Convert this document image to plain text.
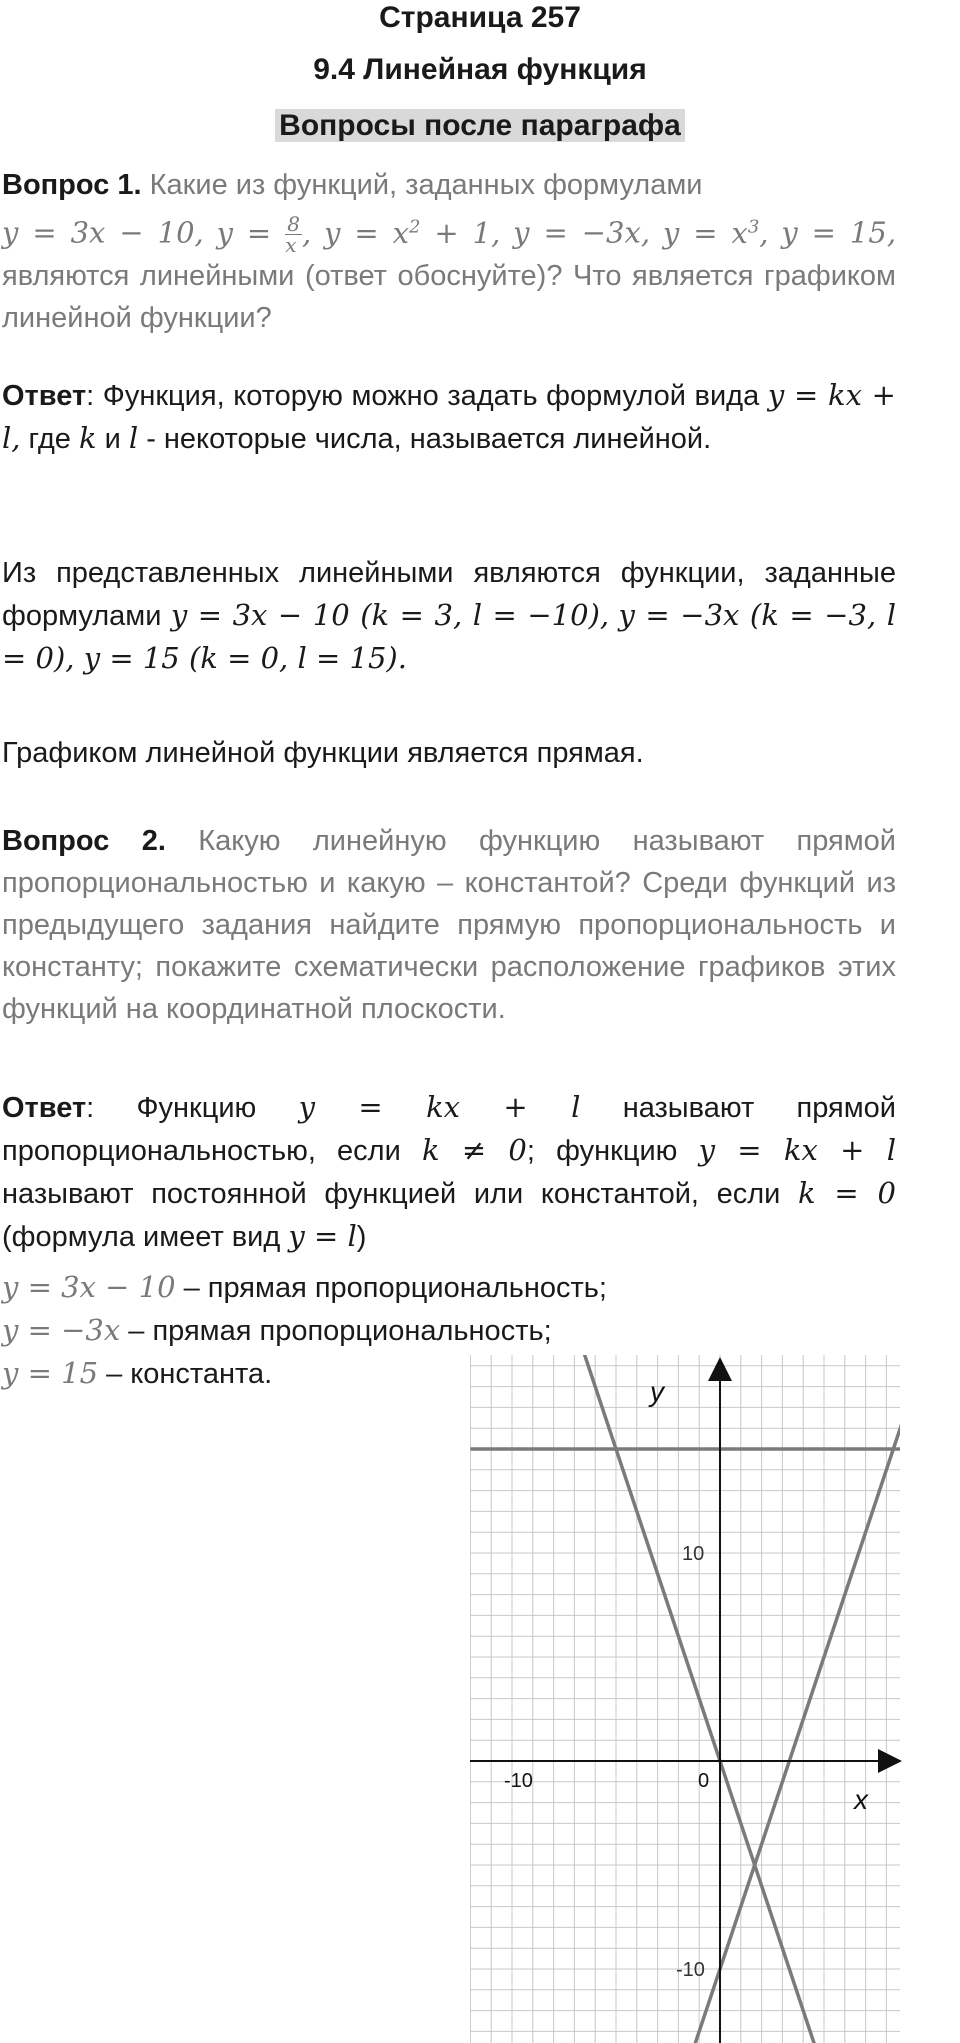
Страница 257
9.4 Линейная функция
Вопросы после параграфа
Вопрос 1. Какие из функций, заданных формулами
y = 3x − 10, $y = \frac{8}{x}$ , $y = x^2 + 1$, y = −3x, $y = x^3$, y = 15,
являются линейными (ответ обоснуйте)? Что является графиком линейной функции?
Ответ: Функция, которую можно задать формулой вида y = kx + l, где k и l - некоторые числа, называется линейной.
Из представленных линейными являются функции, заданные формулами y = 3x − 10 (k = 3, l = −10), y = −3x (k = −3, l = 0), y = 15 (k = 0, l = 15).
Графиком линейной функции является прямая.
Вопрос 2. Какую линейную функцию называют прямой пропорциональностью и какую – константой? Среди функций из предыдущего задания найдите прямую пропорциональность и константу; покажите схематически расположение графиков этих функций на координатной плоскости.
Ответ: Функцию y = kx + l называют прямой пропорциональностью, если k ≠ 0; функцию y = kx + l называют постоянной функцией или константой, если k = 0 (формула имеет вид y = l)
y = 3x − 10 – прямая пропорциональность;
y = −3x – прямая пропорциональность;
y = 15 – константа.
-10	0
10
-10
x
y
